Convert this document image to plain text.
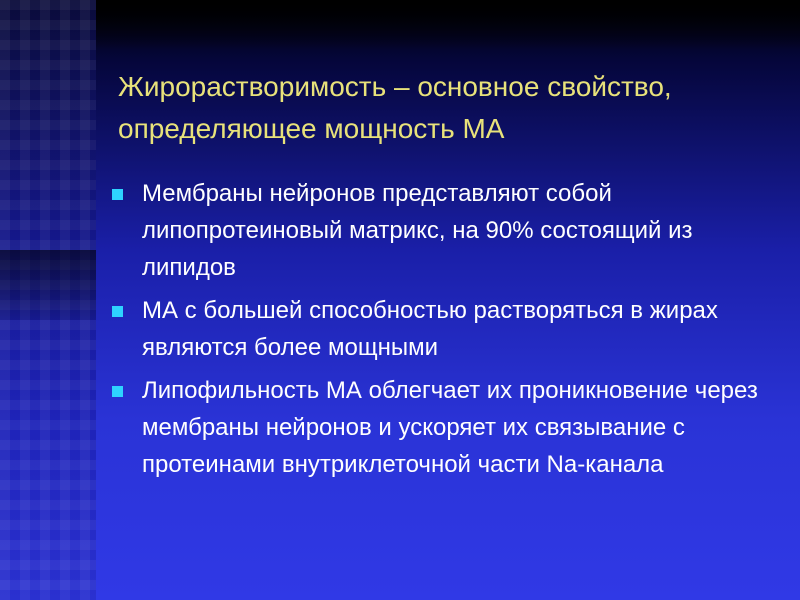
Жирорастворимость – основное свойство, определяющее мощность МА
Мембраны нейронов представляют собой липопротеиновый матрикс, на 90% состоящий из липидов
МА с большей способностью растворяться в жирах являются более мощными
Липофильность МА облегчает их проникновение через мембраны нейронов и ускоряет их связывание с протеинами внутриклеточной части Na-канала
